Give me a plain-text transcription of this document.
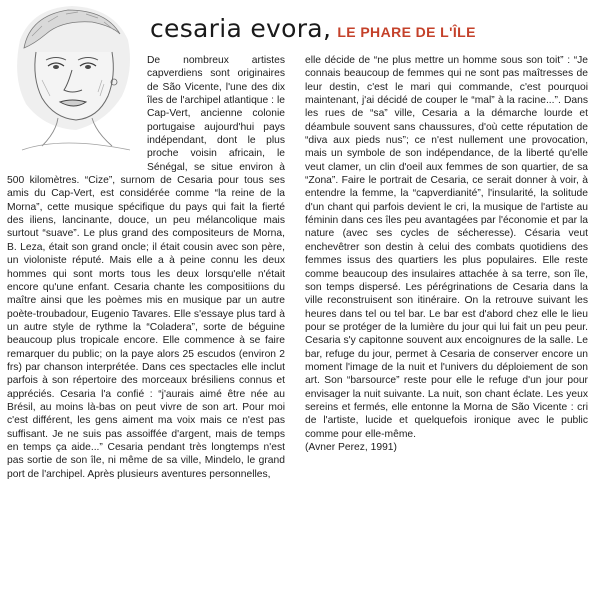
cesaria evora, LE PHARE DE L'ÎLE

De nombreux artistes capverdiens sont originaires de São Vicente, l'une des dix îles de l'archipel atlantique : le Cap-Vert, ancienne colonie portugaise aujourd'hui pays indépendant, dont le plus proche voisin africain, le Sénégal, se situe environ à 500 kilomètres. “Cize”, surnom de Cesaria pour tous ses amis du Cap-Vert, est considérée comme “la reine de la Morna”, cette musique spécifique du pays qui fait la fierté des iliens, lancinante, douce, un peu mélancolique mais surtout “suave”. Le plus grand des compositeurs de Morna, B. Leza, était son grand oncle; il était cousin avec son père, un violoniste réputé. Mais elle a à peine connu les deux hommes qui sont morts tous les deux lorsqu'elle n'était encore qu'une enfant. Cesaria chante les compositiions du maître ainsi que les poèmes mis en musique par un autre poète-troubadour, Eugenio Tavares. Elle s'essaye plus tard à un autre style de rythme la “Coladera”, sorte de béguine beaucoup plus tropicale encore. Elle commence à se faire remarquer du public; on la paye alors 25 escudos (environ 2 frs) par chanson interprétée. Dans ces spectacles elle inclut parfois à son répertoire des morceaux brésiliens connus et appréciés. Cesaria l'a confié : “j'aurais aimé être née au Brésil, au moins là-bas on peut vivre de son art. Pour moi c'est différent, les gens aiment ma voix mais ce n'est pas suffisant. Je ne suis pas assoiffée d'argent, mais de temps en temps ça aide...” Cesaria pendant très longtemps n'est pas sortie de son île, ni même de sa ville, Mindelo, le grand port de l'archipel. Après plusieurs aventures personnelles,

elle décide de “ne plus mettre un homme sous son toit” : “Je connais beaucoup de femmes qui ne sont pas maîtresses de leur destin, c'est le mari qui commande, c'est pourquoi maintenant, j'ai décidé de couper le “mal” à la racine...”. Dans les rues de “sa” ville, Cesaria a la démarche lourde et déambule souvent sans chaussures, d'où cette réputation de “diva aux pieds nus”; ce n'est nullement une provocation, mais un symbole de son indépendance, de la liberté qu'elle veut clamer, un clin d'oeil aux femmes de son quartier, de sa “Zona”. Faire le portrait de Cesaria, ce serait donner à voir, à entendre la femme, la “capverdianité”, l'insularité, la solitude d'un chant qui parfois devient le cri, la musique de l'artiste au féminin dans ces îles peu avantagées par l'économie et par la nature (avec ses cycles de sécheresse). Césaria veut enchevêtrer son destin à celui des combats quotidiens des femmes issus des quartiers les plus populaires. Elle reste comme beaucoup des insulaires attachée à sa terre, son île, son temps dispersé. Les pérégrinations de Cesaria dans la ville reconstruisent son itinéraire. On la retrouve suivant les heures dans tel ou tel bar. Le bar est d'abord chez elle le lieu pour se protéger de la lumière du jour qui lui fait un peu peur. Cesaria s'y capitonne souvent aux encoignures de la salle. Le bar, refuge du jour, permet à Cesaria de conserver encore un moment l'image de la nuit et l'univers du déploiement de son art. Son “barsource” reste pour elle le refuge d'un jour pour envisager la nuit suivante. La nuit, son chant éclate. Les yeux sereins et fermés, elle entonne la Morna de São Vicente : cri de l'artiste, lucide et quelquefois ironique avec le public comme pour elle-même.

(Avner Perez, 1991)
